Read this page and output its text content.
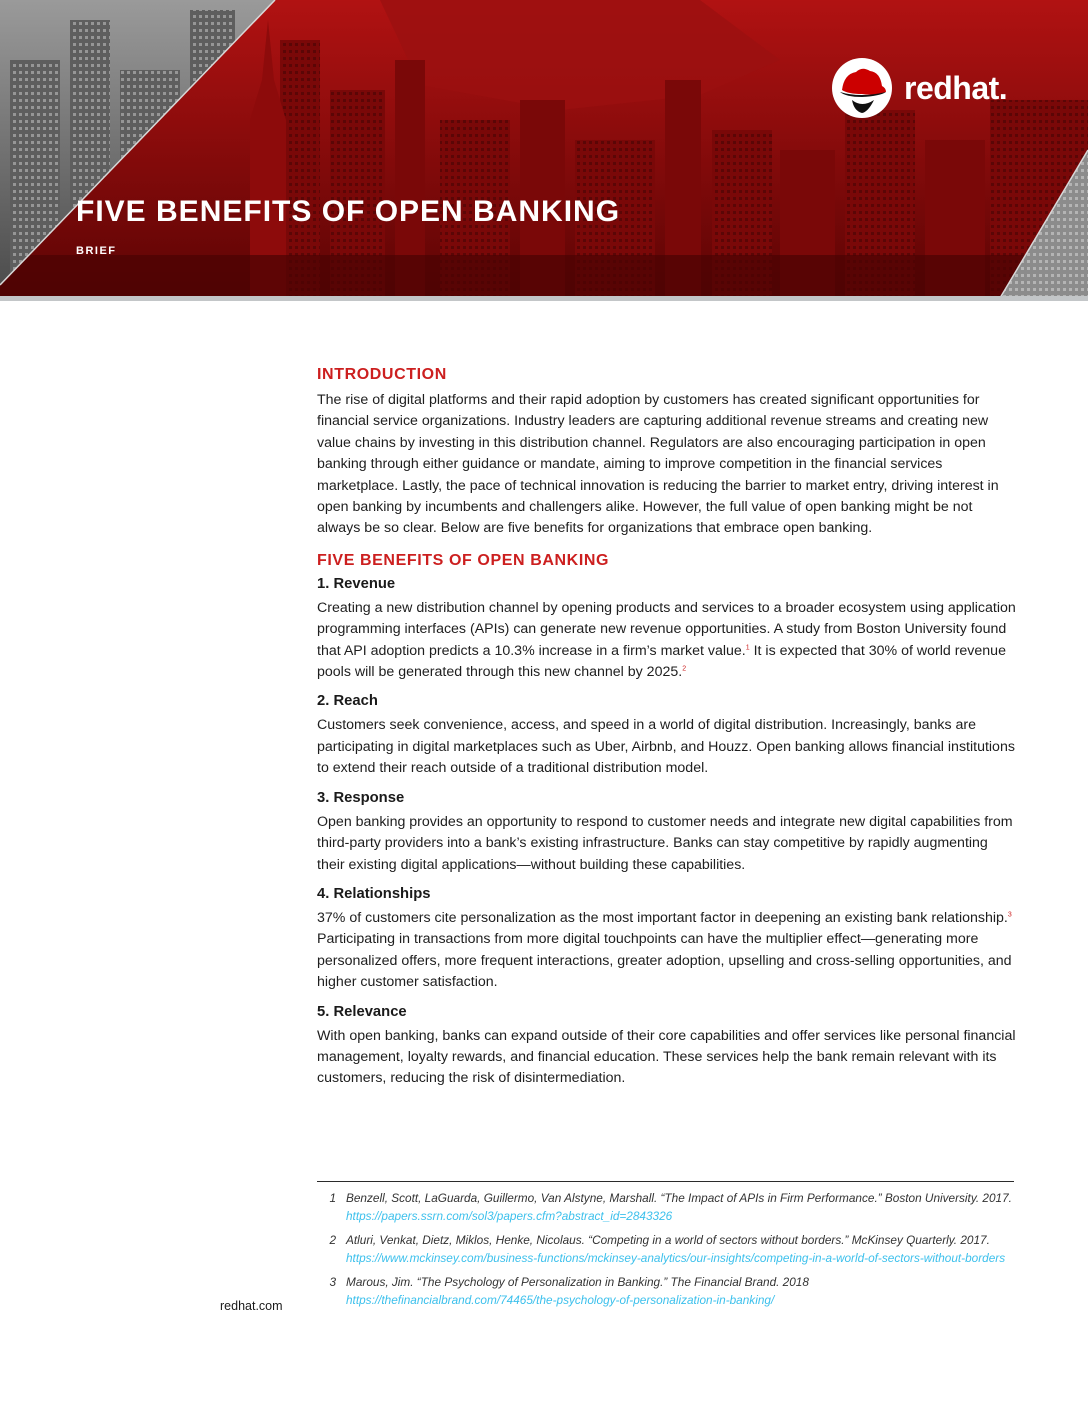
redhat.
FIVE BENEFITS OF OPEN BANKING
BRIEF
INTRODUCTION

The rise of digital platforms and their rapid adoption by customers has created significant opportunities for financial service organizations. Industry leaders are capturing additional revenue streams and creating new value chains by investing in this distribution channel. Regulators are also encouraging participation in open banking through either guidance or mandate, aiming to improve competition in the financial services marketplace. Lastly, the pace of technical innovation is reducing the barrier to market entry, driving interest in open banking by incumbents and challengers alike. However, the full value of open banking might be not always be so clear. Below are five benefits for organizations that embrace open banking.

FIVE BENEFITS OF OPEN BANKING
1. Revenue

Creating a new distribution channel by opening products and services to a broader ecosystem using application programming interfaces (APIs) can generate new revenue opportunities. A study from Boston University found that API adoption predicts a 10.3% increase in a firm’s market value.$^1$ It is expected that 30% of world revenue pools will be generated through this new channel by 2025.$^2$

2. Reach

Customers seek convenience, access, and speed in a world of digital distribution. Increasingly, banks are participating in digital marketplaces such as Uber, Airbnb, and Houzz. Open banking allows financial institutions to extend their reach outside of a traditional distribution model.

3. Response

Open banking provides an opportunity to respond to customer needs and integrate new digital capabilities from third-party providers into a bank’s existing infrastructure. Banks can stay competitive by rapidly augmenting their existing digital applications—without building these capabilities.

4. Relationships

37% of customers cite personalization as the most important factor in deepening an existing bank relationship.$^3$ Participating in transactions from more digital touchpoints can have the multiplier effect—generating more personalized offers, more frequent interactions, greater adoption, upselling and cross-selling opportunities, and higher customer satisfaction.

5. Relevance

With open banking, banks can expand outside of their core capabilities and offer services like personal financial management, loyalty rewards, and financial education. These services help the bank remain relevant with its customers, reducing the risk of disintermediation.

1 Benzell, Scott, LaGuarda, Guillermo, Van Alstyne, Marshall. “The Impact of APIs in Firm Performance.” Boston University. 2017. https://papers.ssrn.com/sol3/papers.cfm?abstract_id=2843326
2 Atluri, Venkat, Dietz, Miklos, Henke, Nicolaus. “Competing in a world of sectors without borders.” McKinsey Quarterly. 2017. https://www.mckinsey.com/business-functions/mckinsey-analytics/our-insights/competing-in-a-world-of-sectors-without-borders
3 Marous, Jim. “The Psychology of Personalization in Banking.” The Financial Brand. 2018 https://thefinancialbrand.com/74465/the-psychology-of-personalization-in-banking/
redhat.com
